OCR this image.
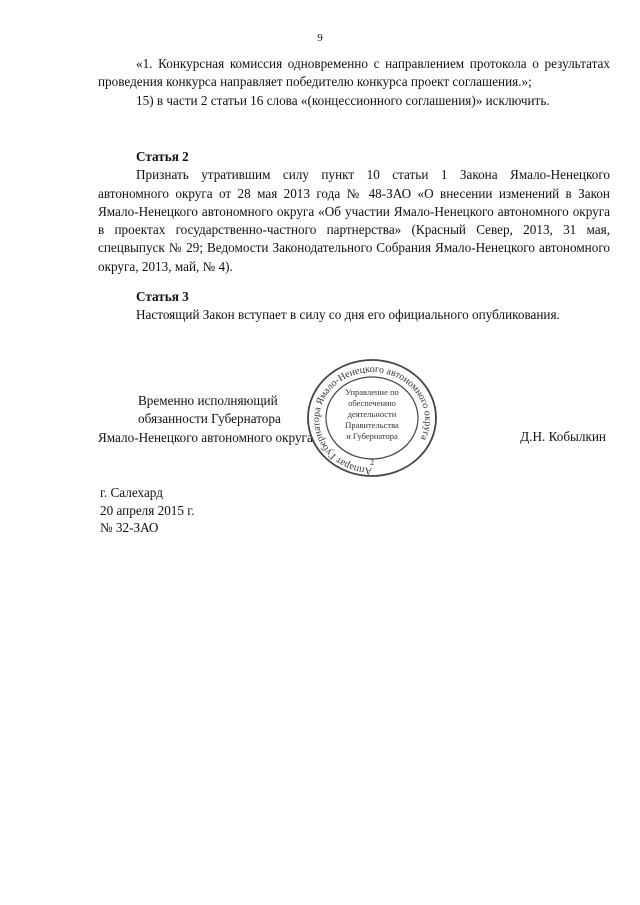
9

«1. Конкурсная комиссия одновременно с направлением протокола о результатах проведения конкурса направляет победителю конкурса проект соглашения.»;

15) в части 2 статьи 16 слова «(концессионного соглашения)» исключить.

Статья 2

Признать утратившим силу пункт 10 статьи 1 Закона Ямало-Ненецкого автономного округа от 28 мая 2013 года № 48-ЗАО «О внесении изменений в Закон Ямало-Ненецкого автономного округа «Об участии Ямало-Ненецкого автономного округа в проектах государственно-частного партнерства» (Красный Север, 2013, 31 мая, спецвыпуск № 29; Ведомости Законодательного Собрания Ямало-Ненецкого автономного округа, 2013, май, № 4).

Статья 3

Настоящий Закон вступает в силу со дня его официального опубликования.

Временно исполняющий
обязанности Губернатора
Ямало-Ненецкого автономного округа	Д.Н. Кобылкин
Аппарат Губернатора Ямало-Ненецкого автономного округа
Управление по
обеспечению
деятельности
Правительства
и Губернатора
2
г. Салехард
20 апреля 2015 г.
№ 32-ЗАО
